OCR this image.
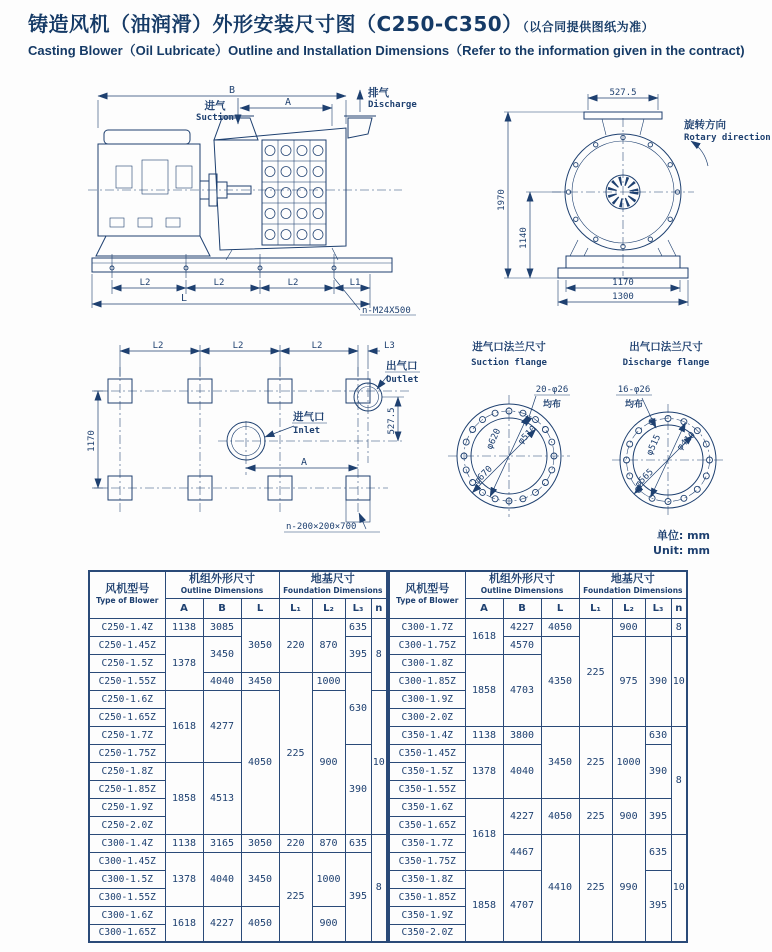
铸造风机（油润滑）外形安装尺寸图（C250-C350）（以合同提供图纸为准）
Casting Blower（Oil Lubricate）Outline and Installation Dimensions（Refer to the information given in the contract)
B
A
进气
Suction
排气
Discharge
L2	L2	L2	L1
L
n-M24X500
527.5
旋转方向
Rotary direction
1970
1140
1170
1300
出气口
Outlet
进气口
Inlet
L2	L2	L2	L3
1170
527.5
A
n-200×200×700
进气口法兰尺寸
Suction flange
φ670
φ510
φ620
20-φ26
均布
出气口法兰尺寸
Discharge flange
φ565
φ410
φ515
16-φ26
均布
单位: mm
Unit: mm
风机型号
Type of Blower	机组外形尺寸
Outline Dimensions			地基尺寸
Foundation Dimensions			

	A	B	L	L₁	L₂	L₃	n
C250-1.4Z	1138	3085	3050	220	870	635	8
C250-1.45Z	1378	3450				395	
C250-1.5Z							
C250-1.55Z		4040	3450	225	1000	630	
C250-1.6Z	1618	4277	4050		900		10
C250-1.65Z							
C250-1.7Z							
C250-1.75Z						390	
C250-1.8Z	1858	4513					
C250-1.85Z							
C250-1.9Z							
C250-2.0Z							
C300-1.4Z	1138	3165	3050	220	870	635	8
C300-1.45Z	1378	4040	3450	225	1000	395	
C300-1.5Z							
C300-1.55Z							
C300-1.6Z	1618	4227	4050		900		
C300-1.65Z							
风机型号
Type of Blower	机组外形尺寸
Outline Dimensions			地基尺寸
Foundation Dimensions			

	A	B	L	L₁	L₂	L₃	n
C300-1.7Z	1618	4227	4050	225	900		8
C300-1.75Z		4570	4350		975	390	10
C300-1.8Z	1858	4703					
C300-1.85Z							
C300-1.9Z							
C300-2.0Z							
C350-1.4Z	1138	3800	3450	225	1000	630	8
C350-1.45Z	1378	4040				390	
C350-1.5Z							
C350-1.55Z							
C350-1.6Z	1618	4227	4050	225	900	395	
C350-1.65Z							
C350-1.7Z		4467	4410	225	990	635	10
C350-1.75Z							
C350-1.8Z	1858	4707				395	
C350-1.85Z							
C350-1.9Z							
C350-2.0Z							
